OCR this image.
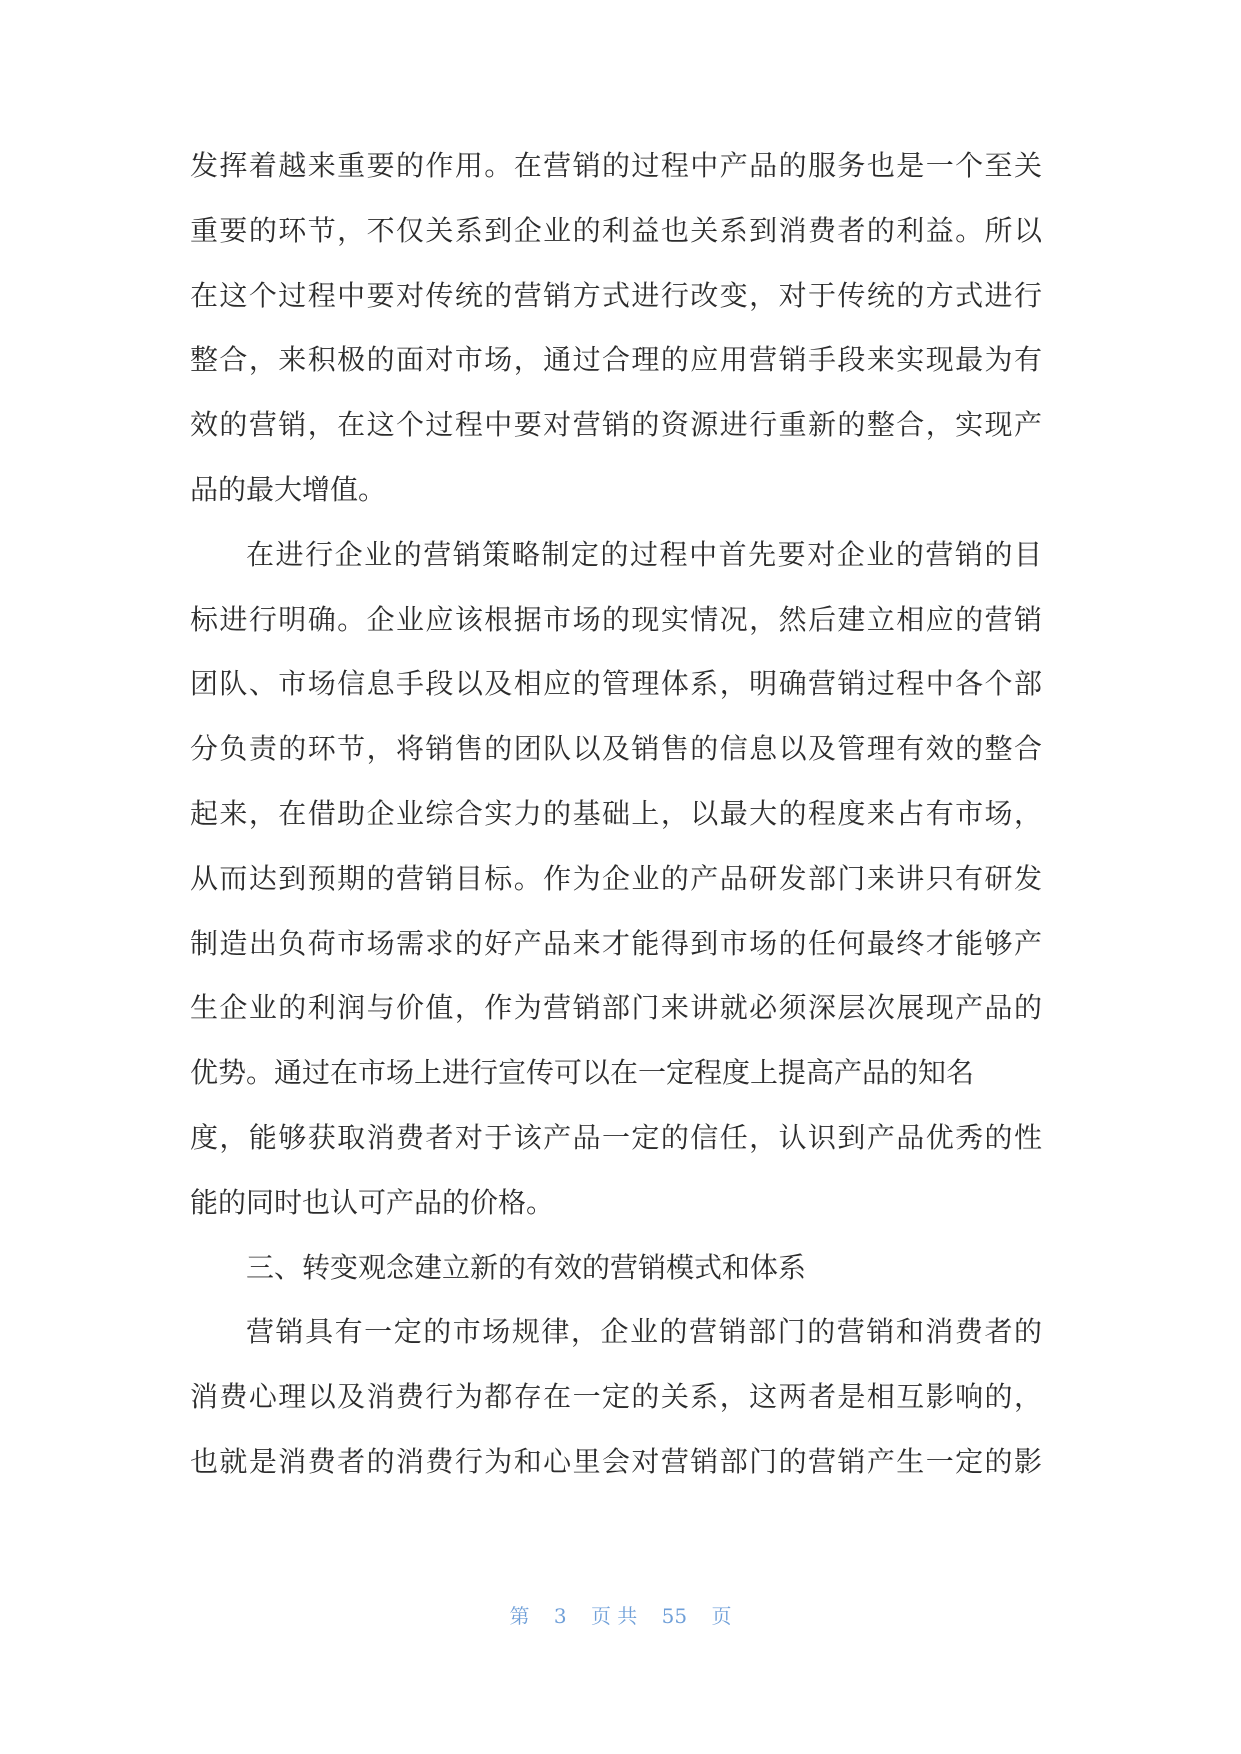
发挥着越来重要的作用。在营销的过程中产品的服务也是一个至关
重要的环节，不仅关系到企业的利益也关系到消费者的利益。所以
在这个过程中要对传统的营销方式进行改变，对于传统的方式进行
整合，来积极的面对市场，通过合理的应用营销手段来实现最为有
效的营销，在这个过程中要对营销的资源进行重新的整合，实现产
品的最大增值。
在进行企业的营销策略制定的过程中首先要对企业的营销的目
标进行明确。企业应该根据市场的现实情况，然后建立相应的营销
团队、市场信息手段以及相应的管理体系，明确营销过程中各个部
分负责的环节，将销售的团队以及销售的信息以及管理有效的整合
起来，在借助企业综合实力的基础上，以最大的程度来占有市场，
从而达到预期的营销目标。作为企业的产品研发部门来讲只有研发
制造出负荷市场需求的好产品来才能得到市场的任何最终才能够产
生企业的利润与价值，作为营销部门来讲就必须深层次展现产品的
优势。通过在市场上进行宣传可以在一定程度上提高产品的知名
度，能够获取消费者对于该产品一定的信任，认识到产品优秀的性
能的同时也认可产品的价格。
三、转变观念建立新的有效的营销模式和体系
营销具有一定的市场规律，企业的营销部门的营销和消费者的
消费心理以及消费行为都存在一定的关系，这两者是相互影响的，
也就是消费者的消费行为和心里会对营销部门的营销产生一定的影
第 3 页 共 55 页
